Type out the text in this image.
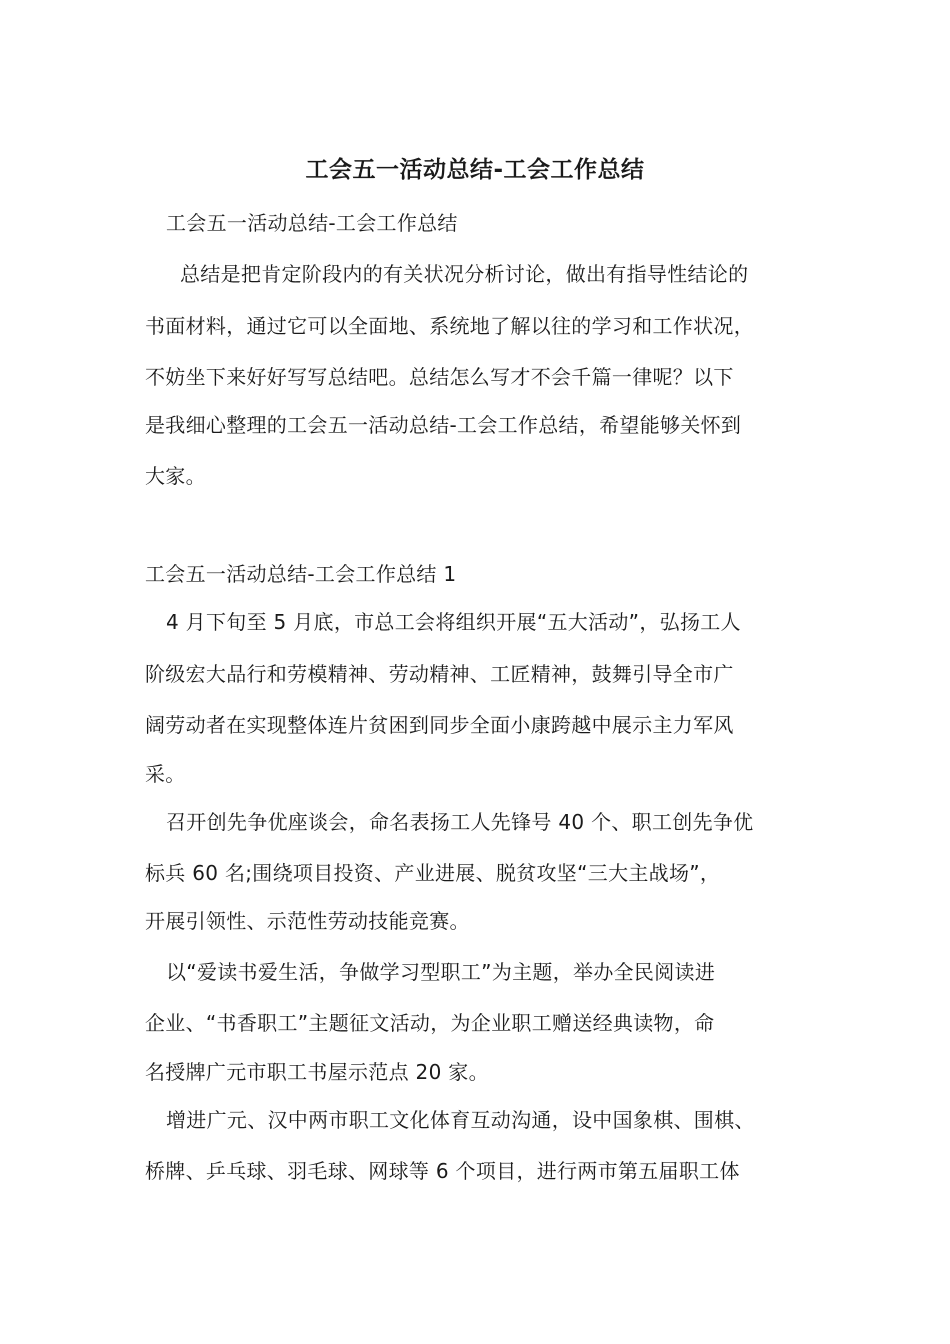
工会五一活动总结-工会工作总结
工会五一活动总结-工会工作总结
总结是把肯定阶段内的有关状况分析讨论，做出有指导性结论的
书面材料，通过它可以全面地、系统地了解以往的学习和工作状况，
不妨坐下来好好写写总结吧。总结怎么写才不会千篇一律呢？以下
是我细心整理的工会五一活动总结-工会工作总结，希望能够关怀到
大家。
工会五一活动总结-工会工作总结 1
4 月下旬至 5 月底，市总工会将组织开展“五大活动”，弘扬工人
阶级宏大品行和劳模精神、劳动精神、工匠精神，鼓舞引导全市广
阔劳动者在实现整体连片贫困到同步全面小康跨越中展示主力军风
采。
召开创先争优座谈会，命名表扬工人先锋号 40 个、职工创先争优
标兵 60 名;围绕项目投资、产业进展、脱贫攻坚“三大主战场”，
开展引领性、示范性劳动技能竞赛。
以“爱读书爱生活，争做学习型职工”为主题，举办全民阅读进
企业、“书香职工”主题征文活动，为企业职工赠送经典读物，命
名授牌广元市职工书屋示范点 20 家。
增进广元、汉中两市职工文化体育互动沟通，设中国象棋、围棋、
桥牌、乒乓球、羽毛球、网球等 6 个项目，进行两市第五届职工体
